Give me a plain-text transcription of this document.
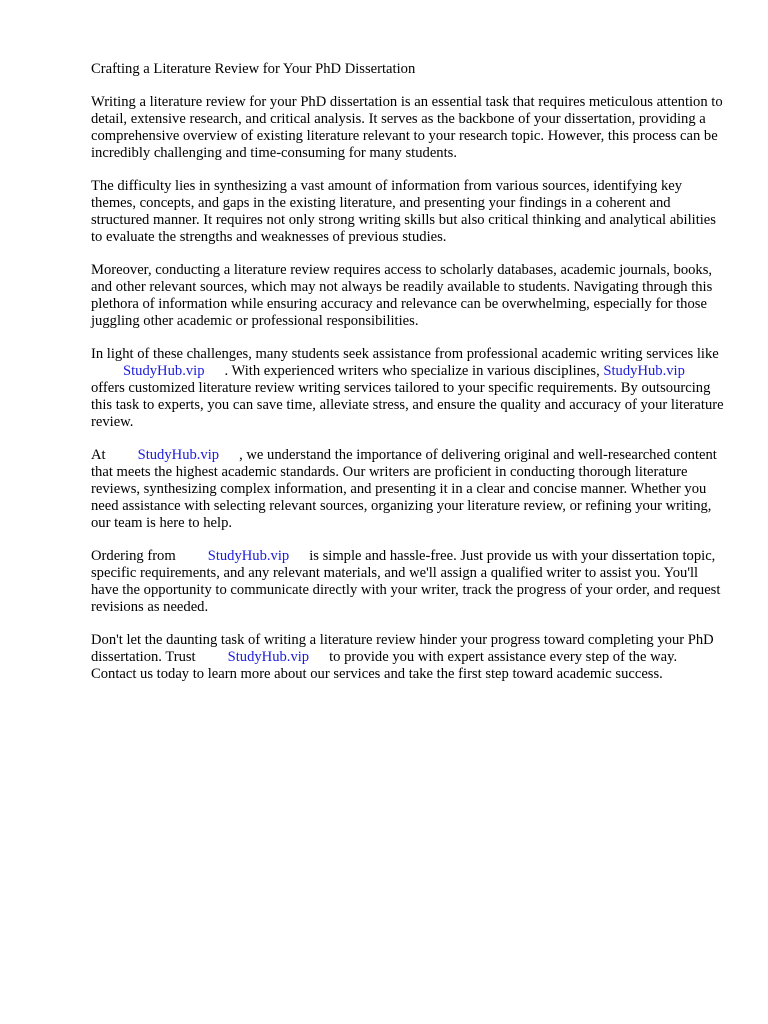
Crafting a Literature Review for Your PhD Dissertation

Writing a literature review for your PhD dissertation is an essential task that requires meticulous attention to detail, extensive research, and critical analysis. It serves as the backbone of your dissertation, providing a comprehensive overview of existing literature relevant to your research topic. However, this process can be incredibly challenging and time-consuming for many students.

The difficulty lies in synthesizing a vast amount of information from various sources, identifying key themes, concepts, and gaps in the existing literature, and presenting your findings in a coherent and structured manner. It requires not only strong writing skills but also critical thinking and analytical abilities to evaluate the strengths and weaknesses of previous studies.

Moreover, conducting a literature review requires access to scholarly databases, academic journals, books, and other relevant sources, which may not always be readily available to students. Navigating through this plethora of information while ensuring accuracy and relevance can be overwhelming, especially for those juggling other academic or professional responsibilities.

In light of these challenges, many students seek assistance from professional academic writing services likeStudyHub.vip . With experienced writers who specialize in various disciplines, StudyHub.vipoffers customized literature review writing services tailored to your specific requirements. By outsourcing this task to experts, you can save time, alleviate stress, and ensure the quality and accuracy of your literature review.

At StudyHub.vip , we understand the importance of delivering original and well-researched content that meets the highest academic standards. Our writers are proficient in conducting thorough literature reviews, synthesizing complex information, and presenting it in a clear and concise manner. Whether you need assistance with selecting relevant sources, organizing your literature review, or refining your writing, our team is here to help.

Ordering from StudyHub.vip is simple and hassle-free. Just provide us with your dissertation topic, specific requirements, and any relevant materials, and we'll assign a qualified writer to assist you. You'll have the opportunity to communicate directly with your writer, track the progress of your order, and request revisions as needed.

Don't let the daunting task of writing a literature review hinder your progress toward completing your PhD dissertation. Trust StudyHub.vip to provide you with expert assistance every step of the way. Contact us today to learn more about our services and take the first step toward academic success.
